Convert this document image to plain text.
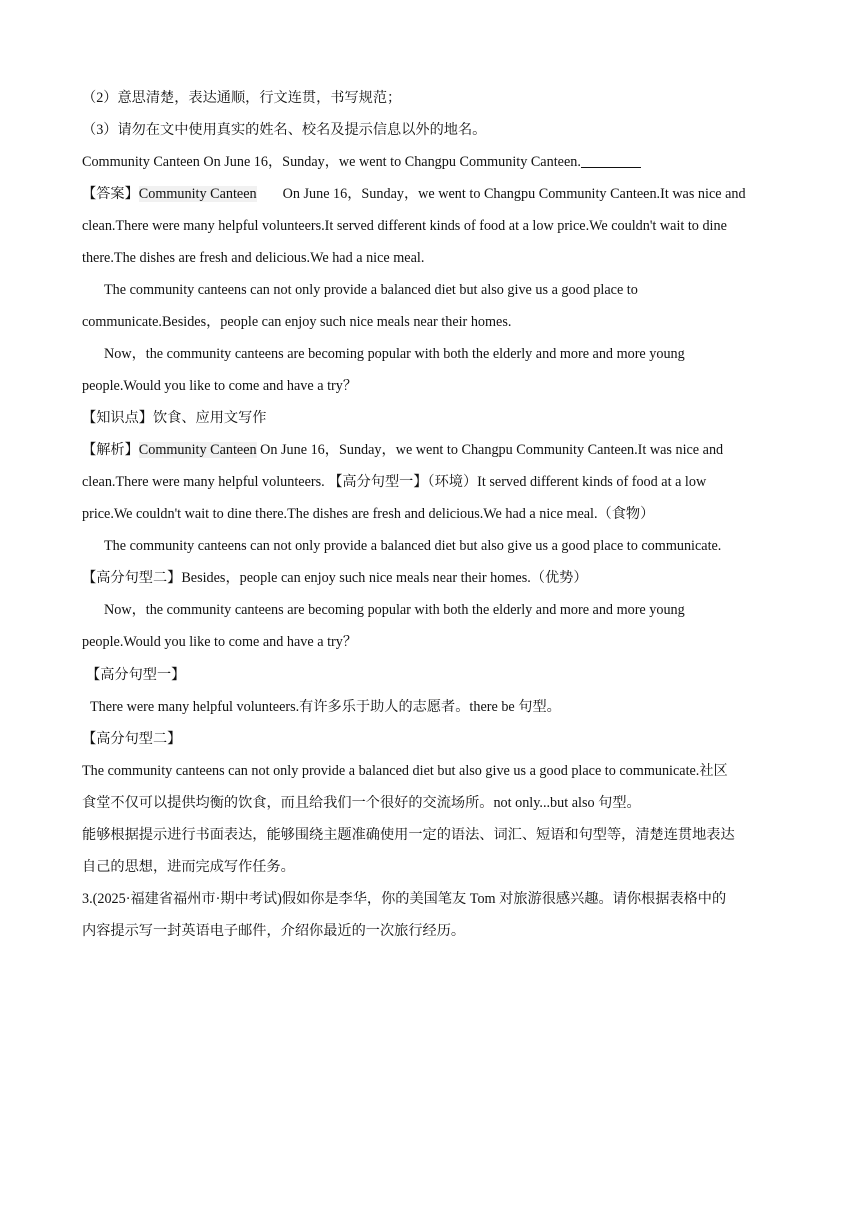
（2）意思清楚，表达通顺，行文连贯，书写规范；
（3）请勿在文中使用真实的姓名、校名及提示信息以外的地名。
Community Canteen On June 16，Sunday，we went to Changpu Community Canteen.
【答案】Community Canteen On June 16，Sunday，we went to Changpu Community Canteen.It was nice and
clean.There were many helpful volunteers.It served different kinds of food at a low price.We couldn't wait to dine
there.The dishes are fresh and delicious.We had a nice meal.
The community canteens can not only provide a balanced diet but also give us a good place to
communicate.Besides，people can enjoy such nice meals near their homes.
Now，the community canteens are becoming popular with both the elderly and more and more young
people.Would you like to come and have a try？
【知识点】饮食、应用文写作
【解析】Community Canteen On June 16，Sunday，we went to Changpu Community Canteen.It was nice and
clean.There were many helpful volunteers. 【高分句型一】（环境）It served different kinds of food at a low
price.We couldn't wait to dine there.The dishes are fresh and delicious.We had a nice meal.（食物）
The community canteens can not only provide a balanced diet but also give us a good place to communicate.
【高分句型二】Besides，people can enjoy such nice meals near their homes.（优势）
Now，the community canteens are becoming popular with both the elderly and more and more young
people.Would you like to come and have a try？
【高分句型一】
There were many helpful volunteers.有许多乐于助人的志愿者。there be 句型。
【高分句型二】
The community canteens can not only provide a balanced diet but also give us a good place to communicate.社区
食堂不仅可以提供均衡的饮食，而且给我们一个很好的交流场所。not only...but also 句型。
能够根据提示进行书面表达，能够围绕主题准确使用一定的语法、词汇、短语和句型等，清楚连贯地表达
自己的思想，进而完成写作任务。
3.(2025·福建省福州市·期中考试)假如你是李华，你的美国笔友 Tom 对旅游很感兴趣。请你根据表格中的
内容提示写一封英语电子邮件，介绍你最近的一次旅行经历。
